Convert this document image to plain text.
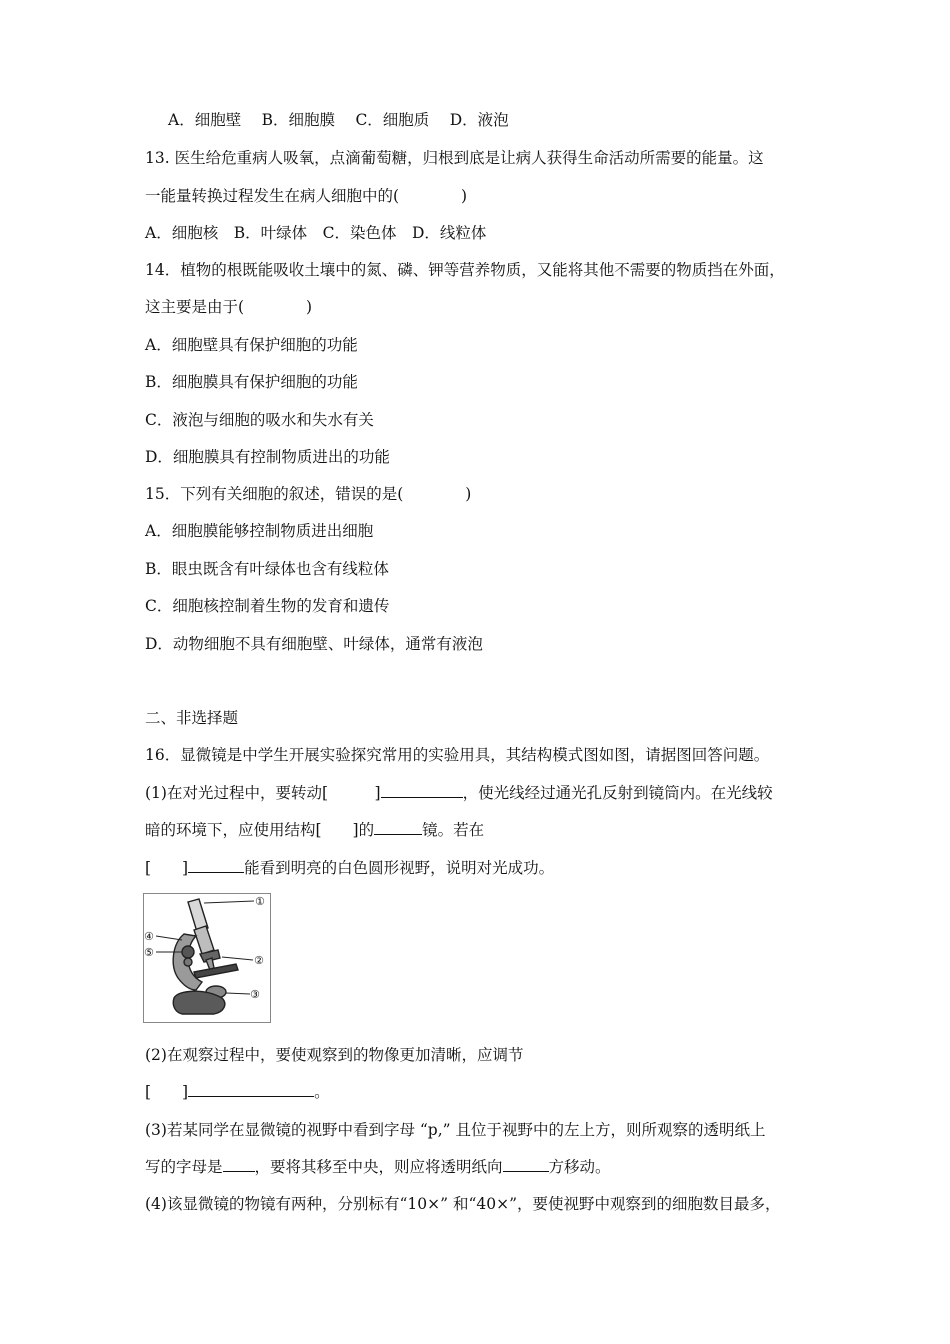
A．细胞壁　 B．细胞膜　 C．细胞质　 D．液泡
13. 医生给危重病人吸氧，点滴葡萄糖，归根到底是让病人获得生命活动所需要的能量。这
一能量转换过程发生在病人细胞中的(　　　　)
A．细胞核　B．叶绿体　C．染色体　D．线粒体
14．植物的根既能吸收土壤中的氮、磷、钾等营养物质，又能将其他不需要的物质挡在外面，
这主要是由于(　　　　)
A．细胞壁具有保护细胞的功能
B．细胞膜具有保护细胞的功能
C．液泡与细胞的吸水和失水有关
D．细胞膜具有控制物质进出的功能
15．下列有关细胞的叙述，错误的是(　　　　)
A．细胞膜能够控制物质进出细胞
B．眼虫既含有叶绿体也含有线粒体
C．细胞核控制着生物的发育和遗传
D．动物细胞不具有细胞壁、叶绿体，通常有液泡
二、非选择题
16．显微镜是中学生开展实验探究常用的实验用具，其结构模式图如图，请据图回答问题。
(1)在对光过程中，要转动[　　　]	，使光线经过通光孔反射到镜筒内。在光线较
暗的环境下，应使用结构[　　]的	镜。若在
[　　]	能看到明亮的白色圆形视野，说明对光成功。
①
②
③
④
⑤
(2)在观察过程中，要使观察到的物像更加清晰，应调节
[　　]	。
(3)若某同学在显微镜的视野中看到字母 “p,” 且位于视野中的左上方，则所观察的透明纸上
写的字母是 ，要将其移至中央，则应将透明纸向	方移动。
(4)该显微镜的物镜有两种，分别标有“10×” 和“40×”，要使视野中观察到的细胞数目最多，
